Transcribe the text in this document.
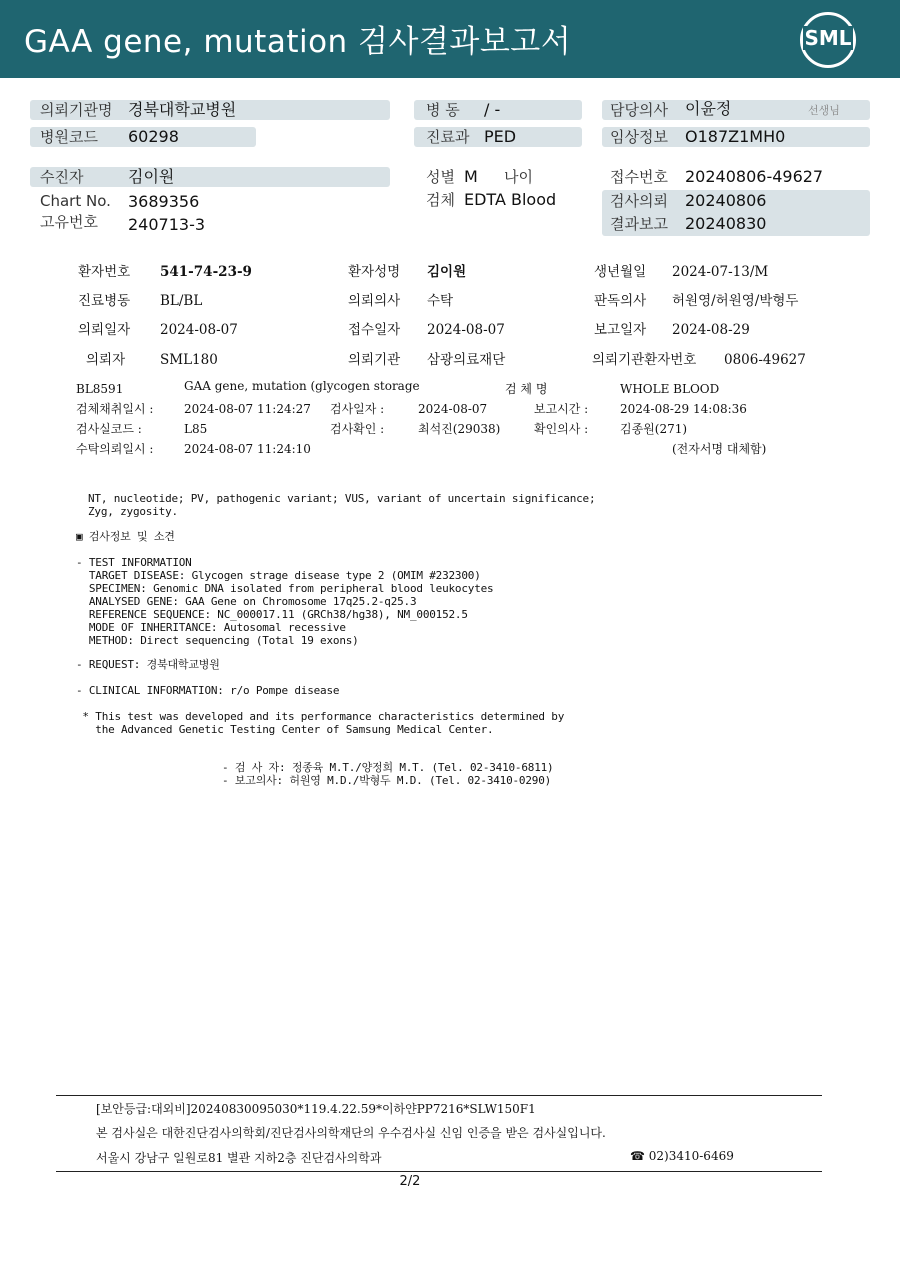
GAA gene, mutation 검사결과보고서	SML
의뢰기관명 경북대학교병원
병원코드 60298
병 동 / -
진료과 PED
담당의사 이윤정	선생님
임상정보 O187Z1MH0
수진자	김이원
Chart No. 3689356
고유번호 240713-3
성별 M 나이
검체 EDTA Blood
접수번호 20240806-49627
검사의뢰 20240806
결과보고 20240830
환자번호 541-74-23-9	환자성명 김이원	생년월일 2024-07-13/M
진료병동 BL/BL	의뢰의사 수탁	판독의사 허원영/허원영/박형두
의뢰일자 2024-08-07	접수일자 2024-08-07	보고일자 2024-08-29
의뢰자	SML180	의뢰기관 삼광의료재단	의뢰기관환자번호 0806-49627
BL8591	GAA gene, mutation (glycogen storage	검 체 명	WHOLE BLOOD
검체채취일시 :	2024-08-07 11:24:27 검사일자 :	2024-08-07	보고시간 :	2024-08-29 14:08:36
검사실코드 :	L85	검사확인 :	최석진(29038)	확인의사 :	김종원(271)
수탁의뢰일시 :	2024-08-07 11:24:10	(전자서명 대체함)
NT, nucleotide; PV, pathogenic variant; VUS, variant of uncertain significance;
Zyg, zygosity.
▣ 검사정보 및 소견
- TEST INFORMATION
TARGET DISEASE: Glycogen strage disease type 2 (OMIM #232300)
SPECIMEN: Genomic DNA isolated from peripheral blood leukocytes
ANALYSED GENE: GAA Gene on Chromosome 17q25.2-q25.3
REFERENCE SEQUENCE: NC_000017.11 (GRCh38/hg38), NM_000152.5
MODE OF INHERITANCE: Autosomal recessive
METHOD: Direct sequencing (Total 19 exons)
- REQUEST: 경북대학교병원
- CLINICAL INFORMATION: r/o Pompe disease
* This test was developed and its performance characteristics determined by
the Advanced Genetic Testing Center of Samsung Medical Center.
- 검 사 자: 정종육 M.T./양정희 M.T. (Tel. 02-3410-6811)
- 보고의사: 허원영 M.D./박형두 M.D. (Tel. 02-3410-0290)
[보안등급:대외비]20240830095030*119.4.22.59*이하얀PP7216*SLW150F1
본 검사실은 대한진단검사의학회/진단검사의학재단의 우수검사실 신임 인증을 받은 검사실입니다.
서울시 강남구 일원로81 별관 지하2층 진단검사의학과	☎ 02)3410-6469
2/2
